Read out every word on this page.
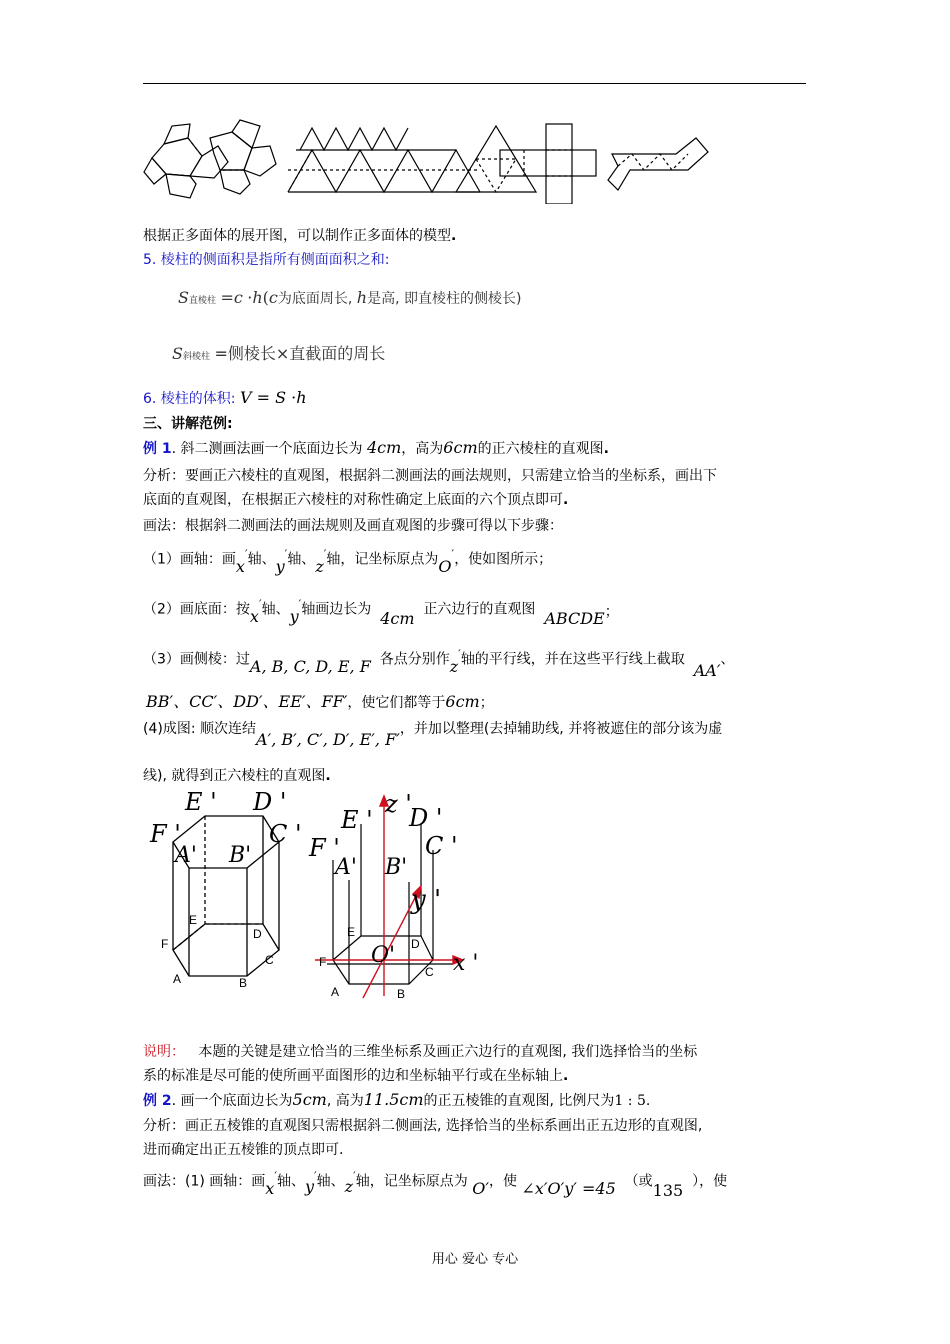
根据正多面体的展开图，可以制作正多面体的模型.
5. 棱柱的侧面积是指所有侧面面积之和:
S直棱柱 =c ·h(c为底面周长, h是高, 即直棱柱的侧棱长)
S斜棱柱 =侧棱长×直截面的周长
6. 棱柱的体积: V = S ·h
三、讲解范例:
例 1. 斜二测画法画一个底面边长为 4cm，高为6cm的正六棱柱的直观图.
分析：要画正六棱柱的直观图，根据斜二测画法的画法规则，只需建立恰当的坐标系，画出下
底面的直观图，在根据正六棱柱的对称性确定上底面的六个顶点即可.
画法：根据斜二测画法的画法规则及画直观图的步骤可得以下步骤：
（1）画轴：画x′轴、y′轴、z′轴，记坐标原点为O′，使如图所示；
（2）画底面：按x′轴、y′轴画边长为 4cm 正六边行的直观图 ABCDE；
（3）画侧棱：过A, B, C, D, E, F 各点分别作z′轴的平行线，并在这些平行线上截取  AA′、
BB′、CC′、DD′、EE′、FF′，使它们都等于6cm；
(4)成图: 顺次连结A′, B′, C′, D′, E′, F′，并加以整理(去掉辅助线, 并将被遮住的部分该为虚
线), 就得到正六棱柱的直观图.
E ' D '
F '	C '
A' B'
E
D
F
C
A	B
z '
E ' D '
F '	C '
A' B'
y '
x '
O'
E
D
F
C
A	B
说明： 本题的关键是建立恰当的三维坐标系及画正六边行的直观图, 我们选择恰当的坐标
系的标准是尽可能的使所画平面图形的边和坐标轴平行或在坐标轴上.
例 2. 画一个底面边长为5cm, 高为11.5cm的正五棱锥的直观图, 比例尺为1 : 5.
分析：画正五棱锥的直观图只需根据斜二侧画法, 选择恰当的坐标系画出正五边形的直观图,
进而确定出正五棱锥的顶点即可.
画法：(1) 画轴：画x′轴、y′轴、z′轴，记坐标原点为 O′，使 ∠x′O′y′ =45 （或135 ），使
用心 爱心 专心
